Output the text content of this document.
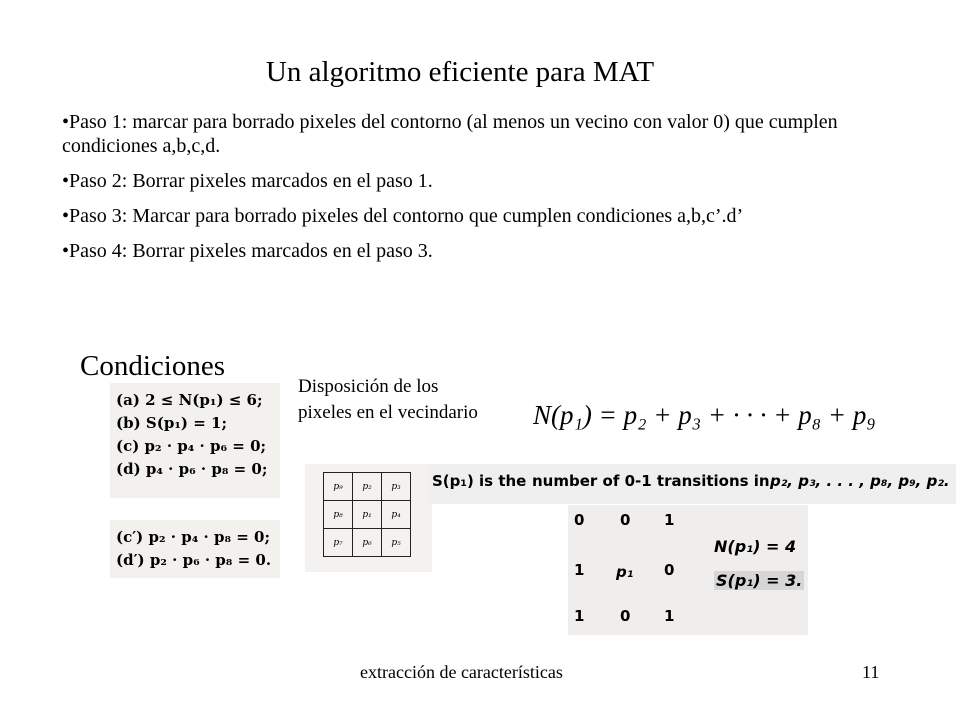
Un algoritmo eficiente para MAT

•Paso 1: marcar para borrado pixeles del contorno (al menos un vecino con valor 0) que cumplen condiciones a,b,c,d.

•Paso 2: Borrar pixeles marcados en el paso 1.

•Paso 3: Marcar para borrado pixeles del contorno que cumplen condiciones a,b,c’.d’

•Paso 4: Borrar pixeles marcados en el paso 3.

Condiciones
(a) 2 ≤ N(p₁) ≤ 6;
(b) S(p₁) = 1;
(c) p₂ · p₄ · p₆ = 0;
(d) p₄ · p₆ · p₈ = 0;
(c′) p₂ · p₄ · p₈ = 0;
(d′) p₂ · p₆ · p₈ = 0.
Disposición de los pixeles en el vecindario
p₉	p₂	p₃
p₈	p₁	p₄
p₇	p₆	p₅
N(p₁) = p₂ + p₃ + · · · + p₈ + p₉
S(p₁) is the number of 0-1 transitions in p₂, p₃, . . . , p₈, p₉, p₂.
0 0 1
1 p₁ 0
1 0 1
N(p₁) = 4
S(p₁) = 3.
extracción de características	11
